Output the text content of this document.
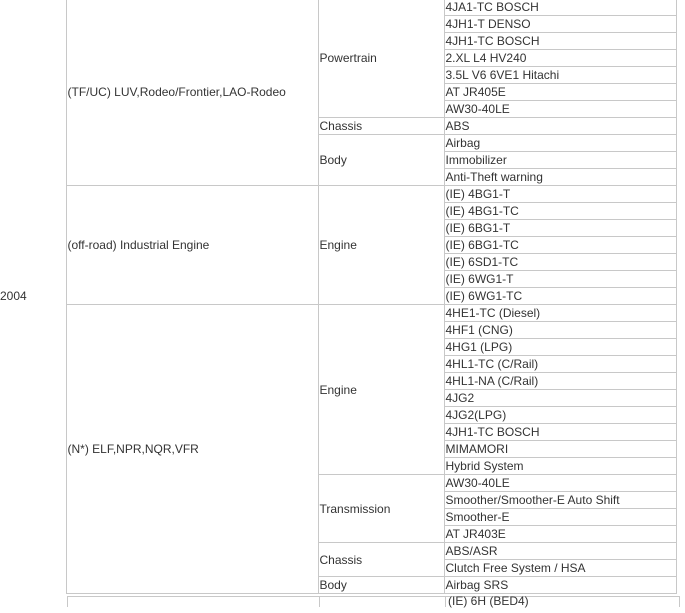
2004	(TF/UC) LUV,Rodeo/Frontier,LAO-Rodeo	Powertrain	4JA1-TC BOSCH
			4JH1-T DENSO
			4JH1-TC BOSCH
			2.XL L4 HV240
			3.5L V6 6VE1 Hitachi
			AT JR405E
			AW30-40LE
		Chassis	ABS
		Body	Airbag
			Immobilizer
			Anti-Theft warning
	(off-road) Industrial Engine	Engine	(IE) 4BG1-T
			(IE) 4BG1-TC
			(IE) 6BG1-T
			(IE) 6BG1-TC
			(IE) 6SD1-TC
			(IE) 6WG1-T
			(IE) 6WG1-TC
	(N*) ELF,NPR,NQR,VFR	Engine	4HE1-TC (Diesel)
			4HF1 (CNG)
			4HG1 (LPG)
			4HL1-TC (C/Rail)
			4HL1-NA (C/Rail)
			4JG2
			4JG2(LPG)
			4JH1-TC BOSCH
			MIMAMORI
			Hybrid System
		Transmission	AW30-40LE
			Smoother/Smoother-E Auto Shift
			Smoother-E
			AT JR403E
		Chassis	ABS/ASR
			Clutch Free System / HSA
		Body	Airbag SRS
(IE) 6H (BED4)
